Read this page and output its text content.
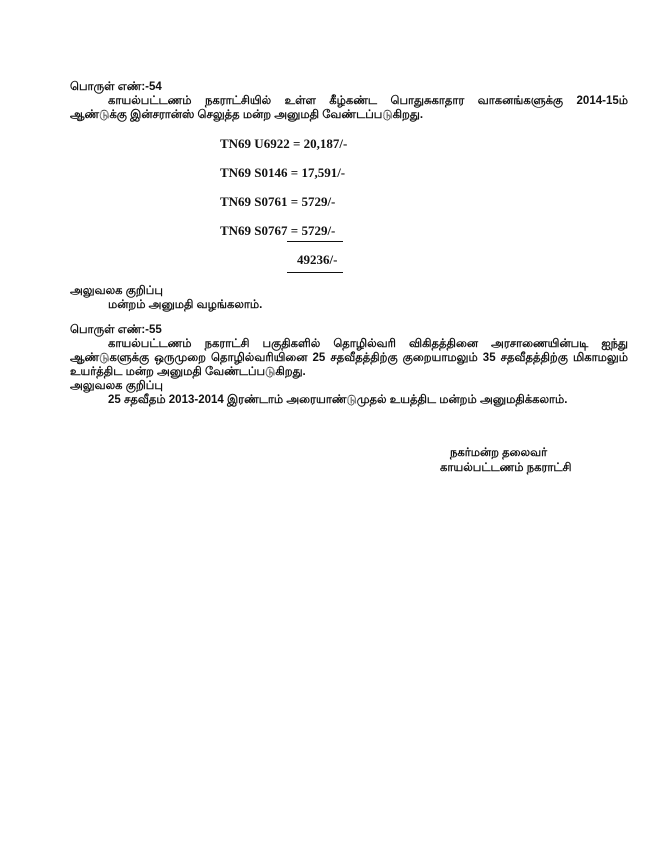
பொருள் எண்:-54
காயல்பட்டணம் நகராட்சியில் உள்ள கீழ்கண்ட பொதுசுகாதார வாகனங்களுக்கு 2014-15ம்
ஆண்டுக்கு இன்சரான்ஸ் செலுத்த மன்ற அனுமதி வேண்டப்படுகிறது.
TN69 U6922 = 20,187/-
TN69 S0146 = 17,591/-
TN69 S0761 = 5729/-
TN69 S0767 = 5729/-
49236/-
அலுவலக குறிப்பு
மன்றம் அனுமதி வழங்கலாம்.
பொருள் எண்:-55
காயல்பட்டணம் நகராட்சி பகுதிகளில் தொழில்வரி விகிதத்தினை அரசாணையின்படி ஐந்து
ஆண்டுகளுக்கு ஒருமுறை தொழில்வரியினை 25 சதவீதத்திற்கு குறையாமலும் 35 சதவீதத்திற்கு மிகாமலும்
உயர்த்திட மன்ற அனுமதி வேண்டப்படுகிறது.
அலுவலக குறிப்பு
25 சதவீதம் 2013-2014 இரண்டாம் அரையாண்டுமுதல் உயத்திட மன்றம் அனுமதிக்கலாம்.
நகர்மன்ற தலைவர்
காயல்பட்டணம் நகராட்சி
